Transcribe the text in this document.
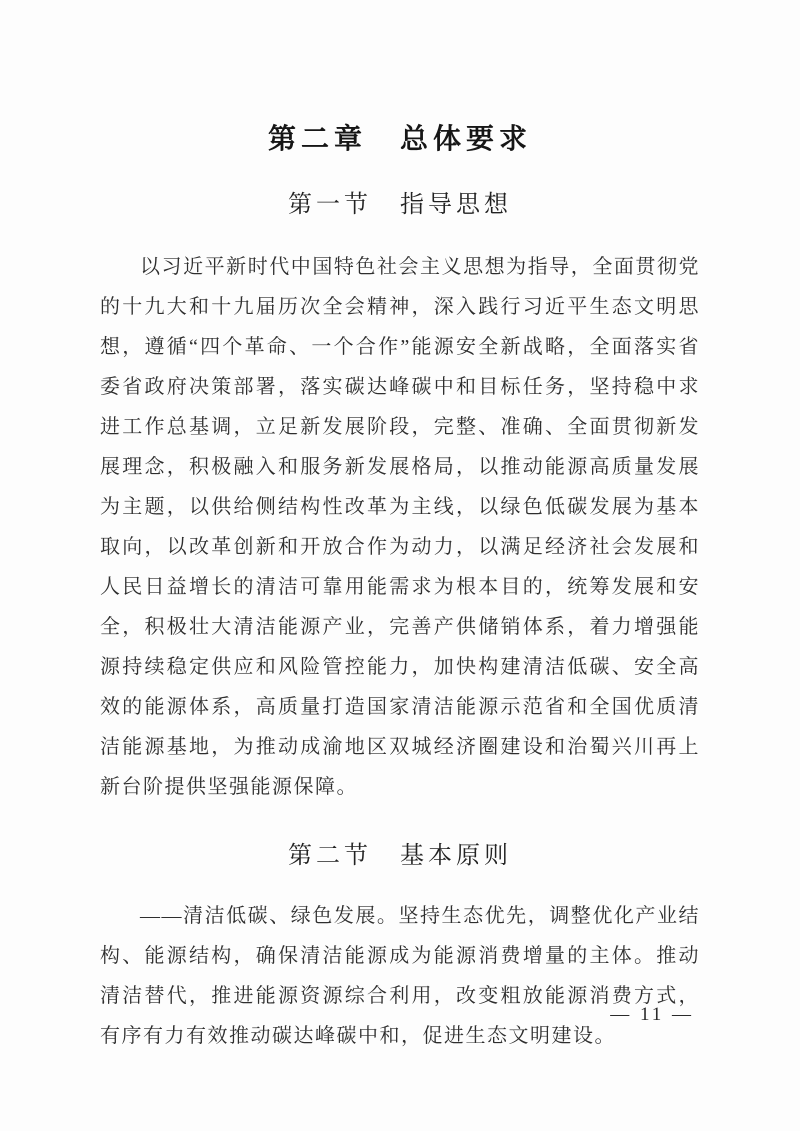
第二章　总体要求
第一节　指导思想

以习近平新时代中国特色社会主义思想为指导，全面贯彻党的十九大和十九届历次全会精神，深入践行习近平生态文明思想，遵循“四个革命、一个合作”能源安全新战略，全面落实省委省政府决策部署，落实碳达峰碳中和目标任务，坚持稳中求进工作总基调，立足新发展阶段，完整、准确、全面贯彻新发展理念，积极融入和服务新发展格局，以推动能源高质量发展为主题，以供给侧结构性改革为主线，以绿色低碳发展为基本取向，以改革创新和开放合作为动力，以满足经济社会发展和人民日益增长的清洁可靠用能需求为根本目的，统筹发展和安全，积极壮大清洁能源产业，完善产供储销体系，着力增强能源持续稳定供应和风险管控能力，加快构建清洁低碳、安全高效的能源体系，高质量打造国家清洁能源示范省和全国优质清洁能源基地，为推动成渝地区双城经济圈建设和治蜀兴川再上新台阶提供坚强能源保障。

第二节　基本原则

——清洁低碳、绿色发展。坚持生态优先，调整优化产业结构、能源结构，确保清洁能源成为能源消费增量的主体。推动清洁替代，推进能源资源综合利用，改变粗放能源消费方式，有序有力有效推动碳达峰碳中和，促进生态文明建设。

— 11 —
